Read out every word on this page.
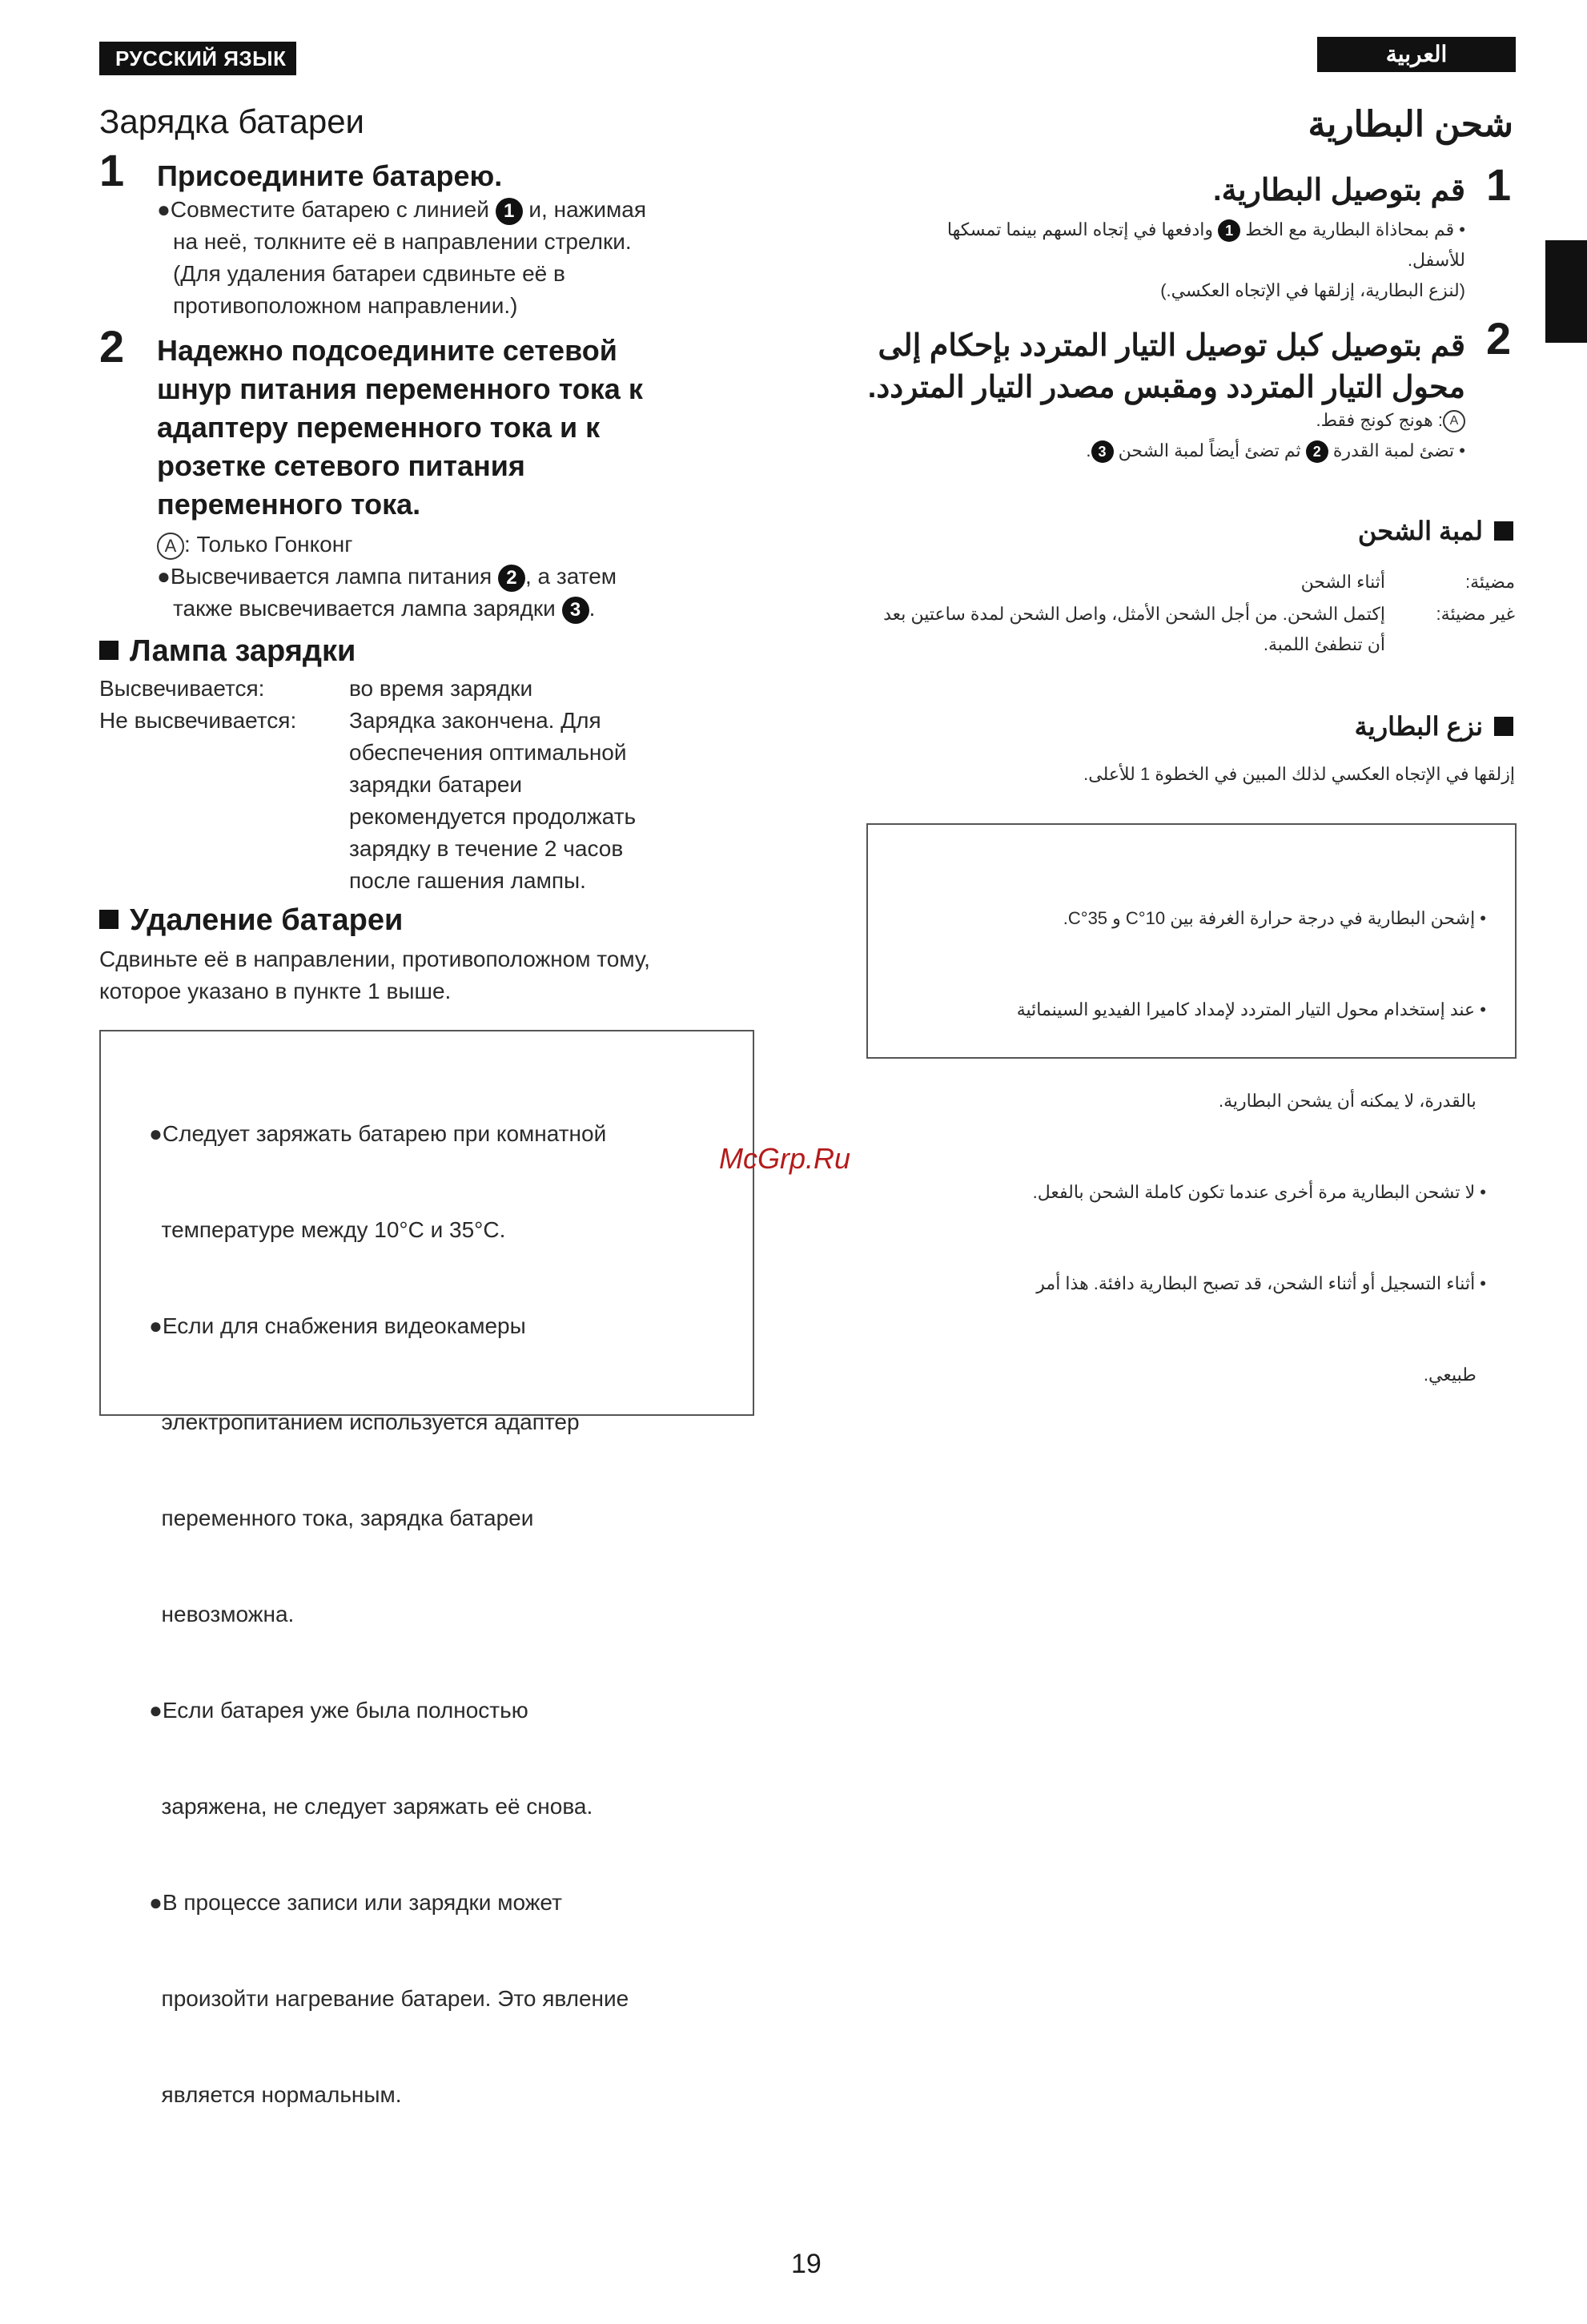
РУССКИЙ ЯЗЫК	العربية
Зарядка батареи
1 Присоедините батарею.
●Совместите батарею с линией 1 и, нажимая
на неё, толкните её в направлении стрелки.
(Для удаления батареи сдвиньте её в
противоположном направлении.)
2 Надежно подсоедините сетевой
шнур питания переменного тока к
адаптеру переменного тока и к
розетке сетевого питания
переменного тока.
A : Только Гонконг
●Высвечивается лампа питания 2 , а затем
также высвечивается лампа зарядки 3 .
Лампа зарядки
Высвечивается:	во время зарядки
Не высвечивается: Зарядка закончена. Для
обеспечения оптимальной
зарядки батареи
рекомендуется продолжать
зарядку в течение 2 часов
после гашения лампы.
Удаление батареи
Сдвиньте её в направлении, противоположном тому,
которое указано в пункте 1 выше.

●Следует заряжать батарею при комнатной

температуре между 10°C и 35°C.

●Если для снабжения видеокамеры

электропитанием используется адаптер

переменного тока, зарядка батареи

невозможна.

●Если батарея уже была полностью

заряжена, не следует заряжать её снова.

●В процессе записи или зарядки может

произойти нагревание батареи. Это явление

является нормальным.

شحن البطارية
1
قم بتوصيل البطارية.
• قم بمحاذاة البطارية مع الخط 1 وادفعها في إتجاه السهم بينما تمسكها
للأسفل.
(لنزع البطارية، إزلقها في الإتجاه العكسي.)
2
قم بتوصيل كبل توصيل التيار المتردد بإحكام إلى
محول التيار المتردد ومقبس مصدر التيار المتردد.
A: هونج كونج فقط.
• تضئ لمبة القدرة 2 ثم تضئ أيضاً لمبة الشحن 3.
لمبة الشحن
مضيئة:
أثناء الشحن
غير مضيئة:
إكتمل الشحن. من أجل الشحن الأمثل، واصل الشحن لمدة ساعتين بعد
أن تنطفئ اللمبة.
نزع البطارية
إزلقها في الإتجاه العكسي لذلك المبين في الخطوة 1 للأعلى.

• إشحن البطارية في درجة حرارة الغرفة بين 10°C و 35°C.

• عند إستخدام محول التيار المتردد لإمداد كاميرا الفيديو السينمائية

بالقدرة، لا يمكنه أن يشحن البطارية.

• لا تشحن البطارية مرة أخرى عندما تكون كاملة الشحن بالفعل.

• أثناء التسجيل أو أثناء الشحن، قد تصبح البطارية دافئة. هذا أمر

طبيعي.

McGrp.Ru
19
